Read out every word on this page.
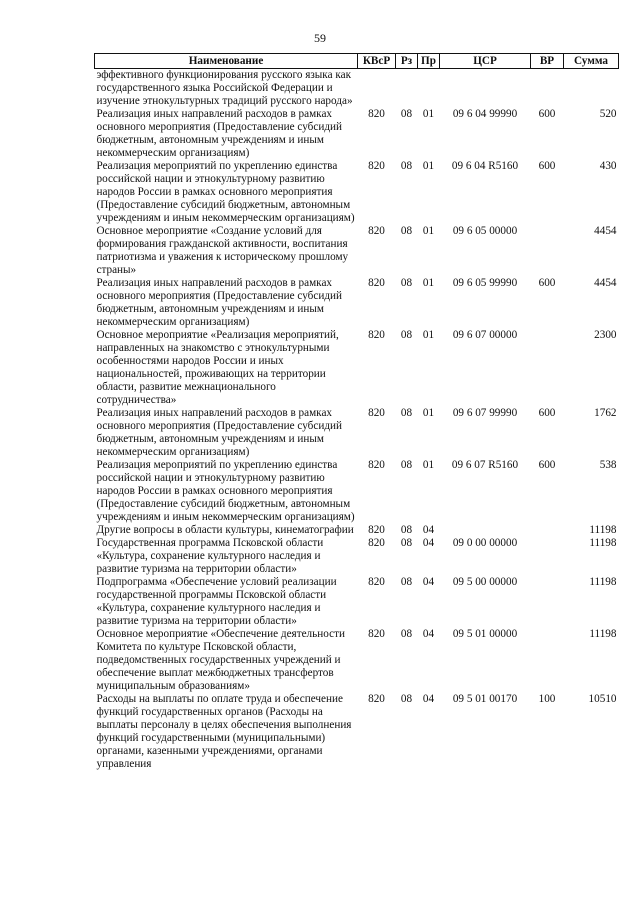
59
Наименование	КВсР	Рз	Пр	ЦСР	ВР	Сумма
эффективного функционирования русского языка как государственного языка Российской Федерации и изучение этнокультурных традиций русского народа»						
Реализация иных направлений расходов в рамках основного мероприятия (Предоставление субсидий бюджетным, автономным учреждениям и иным некоммерческим организациям)	820	08	01	09 6 04 99990	600	520
Реализация мероприятий по укреплению единства российской нации и этнокультурному развитию народов России в рамках основного мероприятия (Предоставление субсидий бюджетным, автономным учреждениям и иным некоммерческим организациям)	820	08	01	09 6 04 R5160	600	430
Основное мероприятие «Создание условий для формирования гражданской активности, воспитания патриотизма и уважения к историческому прошлому страны»	820	08	01	09 6 05 00000		4454
Реализация иных направлений расходов в рамках основного мероприятия (Предоставление субсидий бюджетным, автономным учреждениям и иным некоммерческим организациям)	820	08	01	09 6 05 99990	600	4454
Основное мероприятие «Реализация мероприятий, направленных на знакомство с этнокультурными особенностями народов России и иных национальностей, проживающих на территории области, развитие межнационального сотрудничества»	820	08	01	09 6 07 00000		2300
Реализация иных направлений расходов в рамках основного мероприятия (Предоставление субсидий бюджетным, автономным учреждениям и иным некоммерческим организациям)	820	08	01	09 6 07 99990	600	1762
Реализация мероприятий по укреплению единства российской нации и этнокультурному развитию народов России в рамках основного мероприятия (Предоставление субсидий бюджетным, автономным учреждениям и иным некоммерческим организациям)	820	08	01	09 6 07 R5160	600	538
Другие вопросы в области культуры, кинематографии	820	08	04			11198
Государственная программа Псковской области «Культура, сохранение культурного наследия и развитие туризма на территории области»	820	08	04	09 0 00 00000		11198
Подпрограмма «Обеспечение условий реализации государственной программы Псковской области «Культура, сохранение культурного наследия и развитие туризма на территории области»	820	08	04	09 5 00 00000		11198
Основное мероприятие «Обеспечение деятельности Комитета по культуре Псковской области, подведомственных государственных учреждений и обеспечение выплат межбюджетных трансфертов муниципальным образованиям»	820	08	04	09 5 01 00000		11198
Расходы на выплаты по оплате труда и обеспечение функций государственных органов (Расходы на выплаты персоналу в целях обеспечения выполнения функций государственными (муниципальными) органами, казенными учреждениями, органами управления	820	08	04	09 5 01 00170	100	10510
